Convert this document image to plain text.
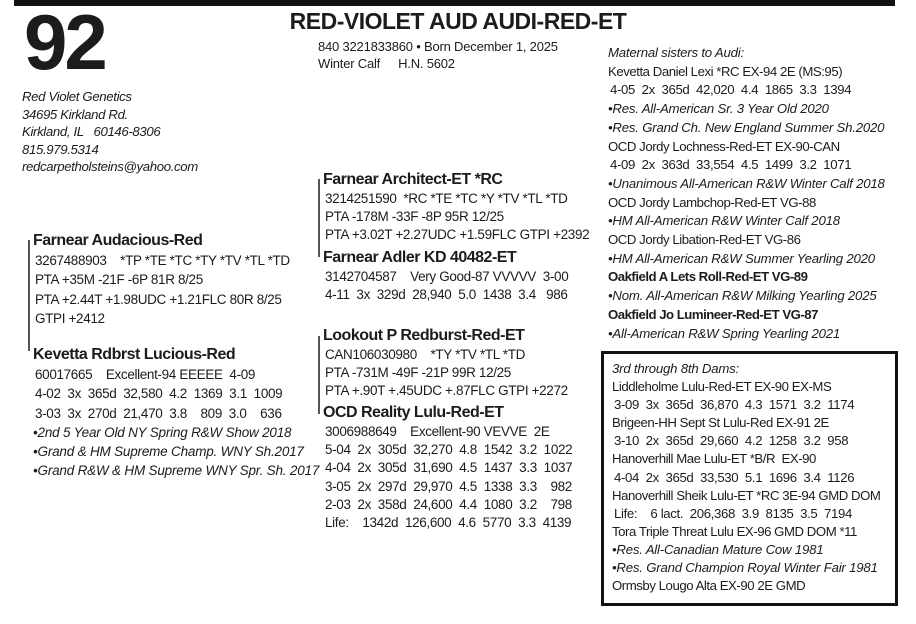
92	RED-VIOLET AUD AUDI-RED-ET
840 3221833860 • Born December 1, 2025
Winter Calf H.N. 5602
Red Violet Genetics
34695 Kirkland Rd.
Kirkland, IL   60146-8306
815.979.5314
redcarpetholsteins@yahoo.com
Farnear Audacious-Red
3267488903    *TP *TE *TC *TY *TV *TL *TD
PTA +35M -21F -6P 81R 8/25
PTA +2.44T +1.98UDC +1.21FLC 80R 8/25
GTPI +2412
Kevetta Rdbrst Lucious-Red
60017665    Excellent-94 EEEEE  4-09
4-02  3x  365d  32,580  4.2  1369  3.1  1009
3-03  3x  270d  21,470  3.8    809  3.0    636
•2nd 5 Year Old NY Spring R&W Show 2018
•Grand & HM Supreme Champ. WNY Sh.2017
•Grand R&W & HM Supreme WNY Spr. Sh. 2017
Farnear Architect-ET *RC
3214251590  *RC *TE *TC *Y *TV *TL *TD
PTA -178M -33F -8P 95R 12/25
PTA +3.02T +2.27UDC +1.59FLC GTPI +2392
Farnear Adler KD 40482-ET
3142704587    Very Good-87 VVVVV  3-00
4-11  3x  329d  28,940  5.0  1438  3.4   986
Lookout P Redburst-Red-ET
CAN106030980    *TY *TV *TL *TD
PTA -731M -49F -21P 99R 12/25
PTA +.90T +.45UDC +.87FLC GTPI +2272
OCD Reality Lulu-Red-ET
3006988649    Excellent-90 VEVVE  2E
5-04  2x  305d  32,270  4.8  1542  3.2  1022
4-04  2x  305d  31,690  4.5  1437  3.3  1037
3-05  2x  297d  29,970  4.5  1338  3.3    982
2-03  2x  358d  24,600  4.4  1080  3.2    798
Life:    1342d  126,600  4.6  5770  3.3  4139
Maternal sisters to Audi:
Kevetta Daniel Lexi *RC EX-94 2E (MS:95)
4-05  2x  365d  42,020  4.4  1865  3.3  1394
•Res. All-American Sr. 3 Year Old 2020
•Res. Grand Ch. New England Summer Sh.2020
OCD Jordy Lochness-Red-ET EX-90-CAN
4-09  2x  363d  33,554  4.5  1499  3.2  1071
•Unanimous All-American R&W Winter Calf 2018
OCD Jordy Lambchop-Red-ET VG-88
•HM All-American R&W Winter Calf 2018
OCD Jordy Libation-Red-ET VG-86
•HM All-American R&W Summer Yearling 2020
Oakfield A Lets Roll-Red-ET VG-89
•Nom. All-American R&W Milking Yearling 2025
Oakfield Jo Lumineer-Red-ET VG-87
•All-American R&W Spring Yearling 2021
3rd through 8th Dams:
Liddleholme Lulu-Red-ET EX-90 EX-MS
3-09  3x  365d  36,870  4.3  1571  3.2  1174
Brigeen-HH Sept St Lulu-Red EX-91 2E
3-10  2x  365d  29,660  4.2  1258  3.2  958
Hanoverhill Mae Lulu-ET *B/R  EX-90
4-04  2x  365d  33,530  5.1  1696  3.4  1126
Hanoverhill Sheik Lulu-ET *RC 3E-94 GMD DOM
Life:    6 lact.  206,368  3.9  8135  3.5  7194
Tora Triple Threat Lulu EX-96 GMD DOM *11
•Res. All-Canadian Mature Cow 1981
•Res. Grand Champion Royal Winter Fair 1981
Ormsby Lougo Alta EX-90 2E GMD
